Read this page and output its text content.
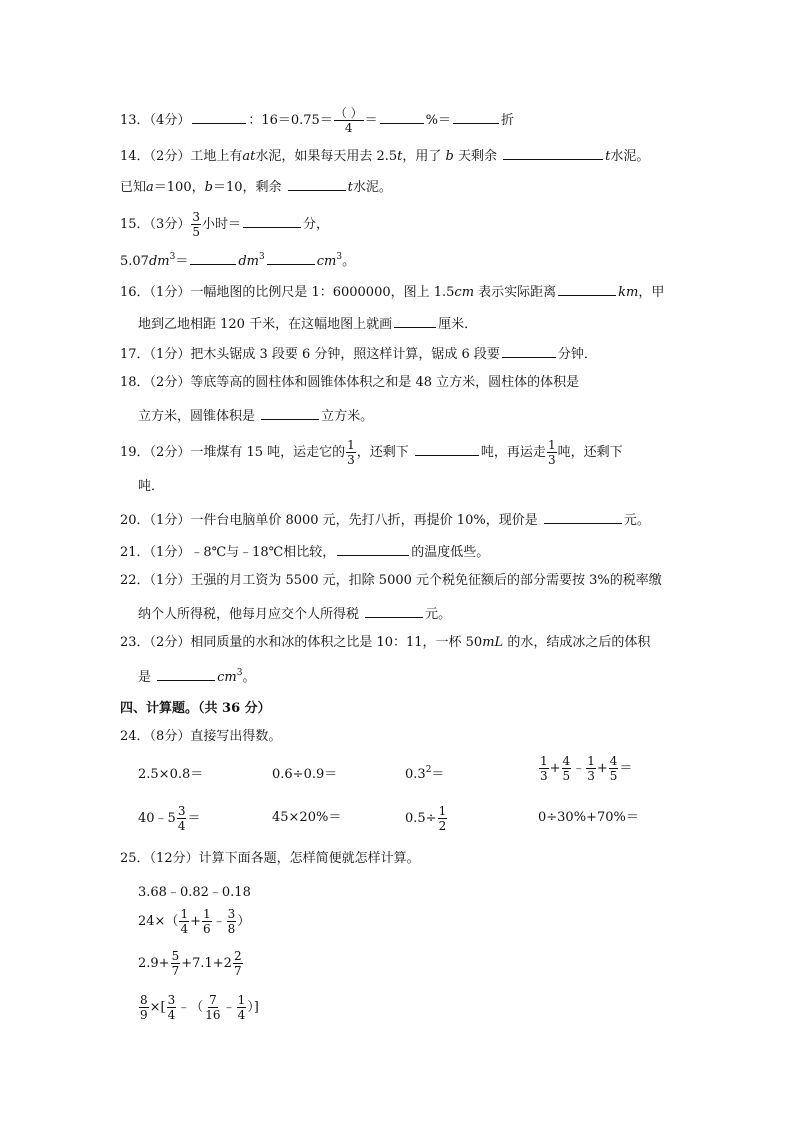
13．（4分）	：$16=0.75= \frac{( )}{4}$ ＝	%＝	折
14．（2分）工地上有at水泥，如果每天用去 2.5t，用了 b 天剩余	t水泥。
已知a＝100，b＝10，剩余	t水泥。
15．（3分） $\frac{3}{5}$ 小时＝	分，
$5.07dm^3=$	$dm^3$	$cm^3$。
16．（1分）一幅地图的比例尺是 1：6000000，图上 1.5cm 表示实际距离	km，甲
地到乙地相距 120 千米，在这幅地图上就画	厘米．
17．（1分）把木头锯成 3 段要 6 分钟，照这样计算，锯成 6 段要	分钟．
18．（2分）等底等高的圆柱体和圆锥体体积之和是 48 立方米，圆柱体的体积是
立方米，圆锥体积是	立方米。
19．（2分）一堆煤有 15 吨，运走它的 $\frac{1}{3}$ ，还剩下	吨，再运走 $\frac{1}{3}$ 吨，还剩下
吨．
20．（1分）一件台电脑单价 8000 元，先打八折，再提价 10%，现价是	元。
21．（1分）﹣8℃与﹣18℃相比较，	的温度低些。
22．（1分）王强的月工资为 5500 元，扣除 5000 元个税免征额后的部分需要按 3%的税率缴
纳个人所得税，他每月应交个人所得税	元。
23．（2分）相同质量的水和冰的体积之比是 10：11，一杯 50mL 的水，结成冰之后的体积
是	$cm^3$。
四、计算题。（共 36 分）
24．（8分）直接写出得数。
2.5×0.8＝	0.6÷0.9＝	$0.3^2=$	$\frac{1}{3} + \frac{4}{5}$ ﹣ $\frac{1}{3} + \frac{4}{5}$ ＝
40﹣5 $\frac{3}{4}$ ＝	45×20%＝	$0.5\div \frac{1}{2}$	0÷30%+70%＝
25．（12分）计算下面各题，怎样简便就怎样计算。
3.68﹣0.82﹣0.18
$24\times( \frac{1}{4} + \frac{1}{6}$ ﹣ $\frac{3}{8}$ ）
$2.9+ \frac{5}{7} +7.1+2 \frac{2}{7}$
$\frac{8}{9}$ ×[ $\frac{3}{4}$ ﹣（ $\frac{7}{16}$ ﹣ $\frac{1}{4}$ ）]
